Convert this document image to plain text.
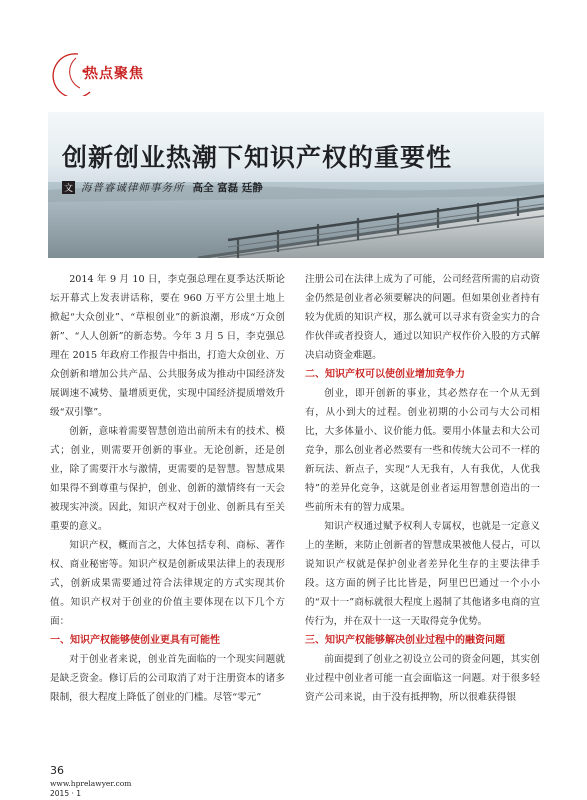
热点聚焦
创新创业热潮下知识产权的重要性
文 海普睿诚律师事务所 高全 富磊 廷静

2014 年 9 月 10 日，李克强总理在夏季达沃斯论坛开幕式上发表讲话称，要在 960 万平方公里土地上掀起“大众创业”、“草根创业”的新浪潮，形成“万众创新”、“人人创新”的新态势。今年 3 月 5 日，李克强总理在 2015 年政府工作报告中指出，打造大众创业、万众创新和增加公共产品、公共服务成为推动中国经济发展调速不减势、量增质更优，实现中国经济提质增效升级“双引擎”。

创新，意味着需要智慧创造出前所未有的技术、模式；创业，则需要开创新的事业。无论创新，还是创业，除了需要汗水与激情，更需要的是智慧。智慧成果如果得不到尊重与保护，创业、创新的激情终有一天会被现实冲淡。因此，知识产权对于创业、创新具有至关重要的意义。

知识产权，概而言之，大体包括专利、商标、著作权、商业秘密等。知识产权是创新成果法律上的表现形式，创新成果需要通过符合法律规定的方式实现其价值。知识产权对于创业的价值主要体现在以下几个方面：

一、知识产权能够使创业更具有可能性

对于创业者来说，创业首先面临的一个现实问题就是缺乏资金。修订后的公司取消了对于注册资本的诸多限制，很大程度上降低了创业的门槛。尽管“零元”

注册公司在法律上成为了可能，公司经营所需的启动资金仍然是创业者必须要解决的问题。但如果创业者持有较为优质的知识产权，那么就可以寻求有资金实力的合作伙伴或者投资人，通过以知识产权作价入股的方式解决启动资金难题。

二、知识产权可以使创业增加竞争力

创业，即开创新的事业，其必然存在一个从无到有，从小到大的过程。创业初期的小公司与大公司相比，大多体量小、议价能力低。要用小体量去和大公司竞争，那么创业者必然要有一些和传统大公司不一样的新玩法、新点子，实现“人无我有，人有我优，人优我特”的差异化竞争，这就是创业者运用智慧创造出的一些前所未有的智力成果。

知识产权通过赋予权利人专属权，也就是一定意义上的垄断，来防止创新者的智慧成果被他人侵占，可以说知识产权就是保护创业者差异化生存的主要法律手段。这方面的例子比比皆是，阿里巴巴通过一个小小的“双十一”商标就很大程度上遏制了其他诸多电商的宣传行为，并在双十一这一天取得竞争优势。

三、知识产权能够解决创业过程中的融资问题

前面提到了创业之初设立公司的资金问题，其实创业过程中创业者可能一直会面临这一问题。对于很多轻资产公司来说，由于没有抵押物，所以很难获得银

36
www.hprelawyer.com
2015 · 1
